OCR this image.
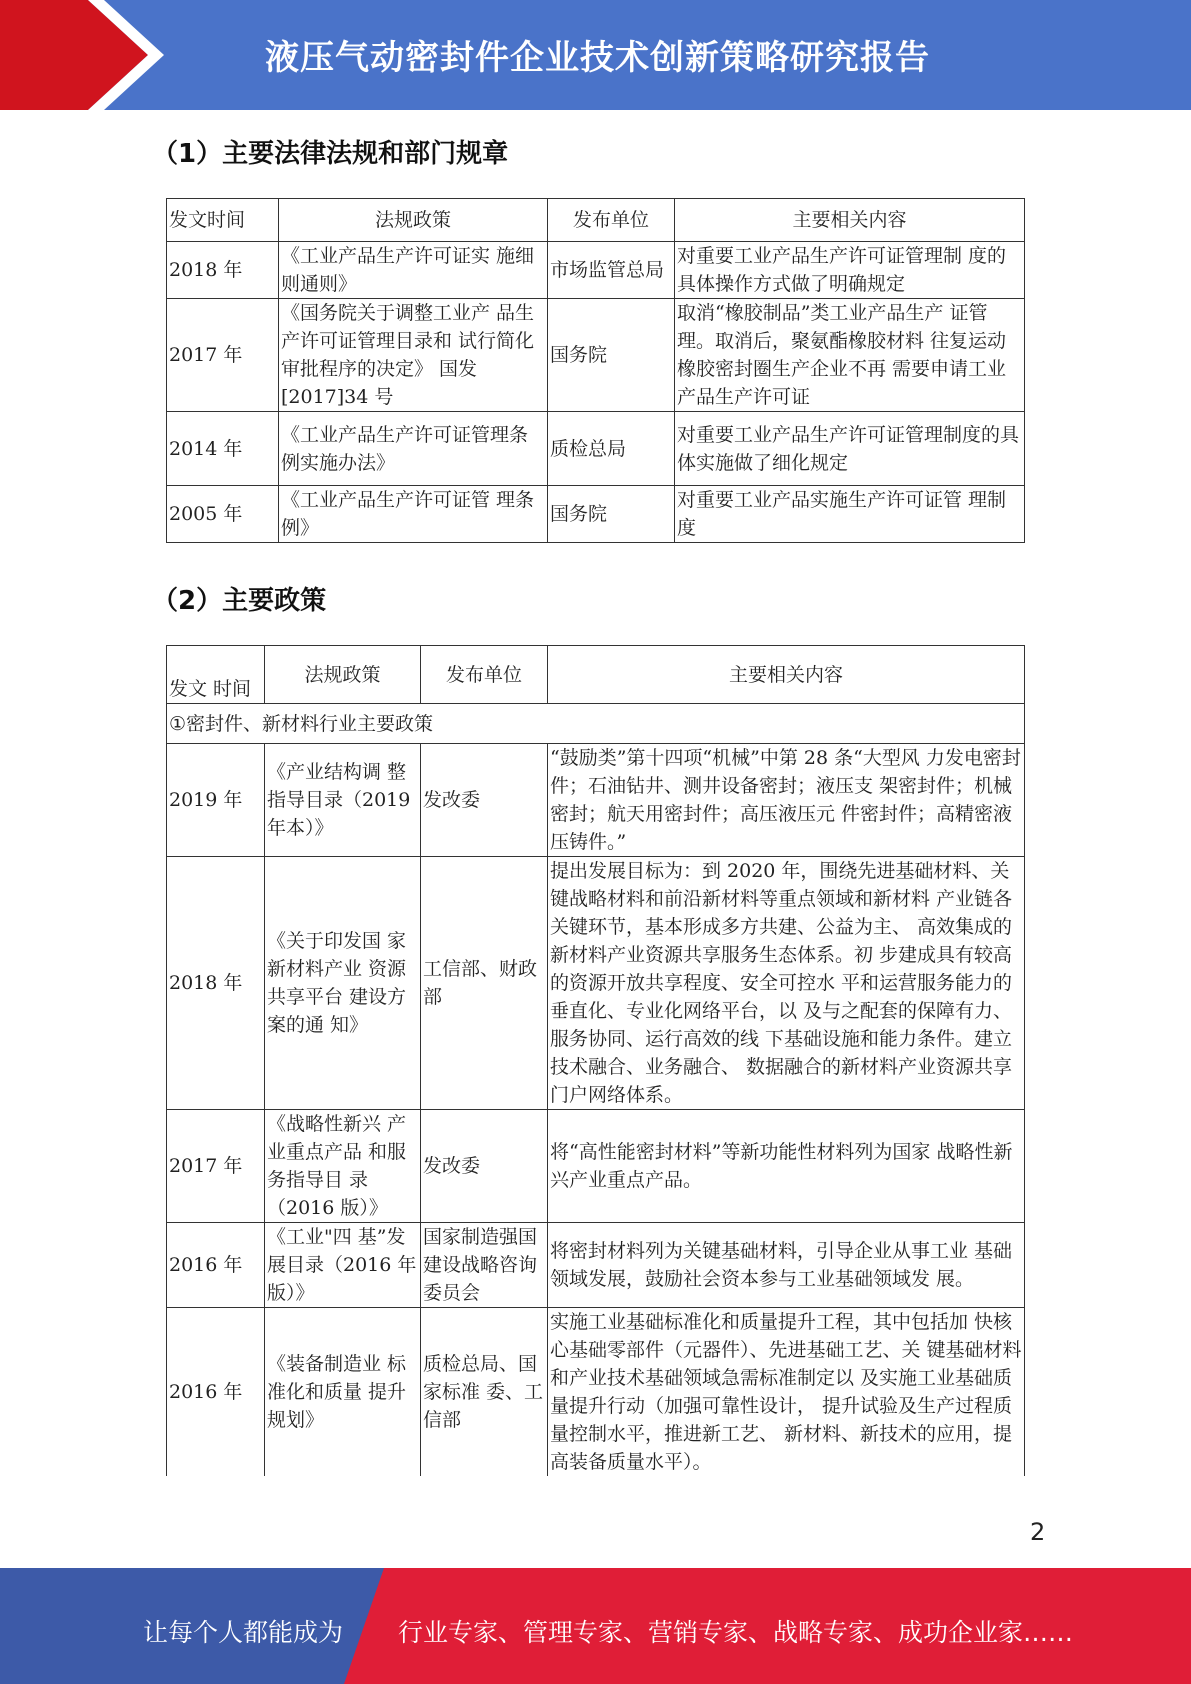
液压气动密封件企业技术创新策略研究报告
（1）主要法律法规和部门规章
发文时间	法规政策	发布单位	主要相关内容
2018 年	《工业产品生产许可证实 施细则通则》	市场监管总局	对重要工业产品生产许可证管理制 度的具体操作方式做了明确规定
2017 年	《国务院关于调整工业产 品生产许可证管理目录和 试行简化审批程序的决定》 国发[2017]34 号	国务院	取消“橡胶制品”类工业产品生产 证管理。取消后，聚氨酯橡胶材料 往复运动橡胶密封圈生产企业不再 需要申请工业产品生产许可证
2014 年	《工业产品生产许可证管理条例实施办法》	质检总局	对重要工业产品生产许可证管理制度的具体实施做了细化规定
2005 年	《工业产品生产许可证管 理条例》	国务院	对重要工业产品实施生产许可证管 理制度
（2）主要政策
发文 时间	法规政策	发布单位	主要相关内容
①密封件、新材料行业主要政策			
2019 年	《产业结构调 整指导目录（2019 年本）》	发改委	“鼓励类”第十四项“机械”中第 28 条“大型风 力发电密封件；石油钻井、测井设备密封；液压支 架密封件；机械密封；航天用密封件；高压液压元 件密封件；高精密液压铸件。”
2018 年	《关于印发国 家新材料产业 资源共享平台 建设方案的通 知》	工信部、财政部	提出发展目标为：到 2020 年，围绕先进基础材料、关键战略材料和前沿新材料等重点领域和新材料 产业链各关键环节，基本形成多方共建、公益为主、 高效集成的新材料产业资源共享服务生态体系。初 步建成具有较高的资源开放共享程度、安全可控水 平和运营服务能力的垂直化、专业化网络平台，以 及与之配套的保障有力、服务协同、运行高效的线 下基础设施和能力条件。建立技术融合、业务融合、 数据融合的新材料产业资源共享门户网络体系。
2017 年	《战略性新兴 产业重点产品 和服务指导目 录（2016 版）》	发改委	将“高性能密封材料”等新功能性材料列为国家 战略性新兴产业重点产品。
2016 年	《工业"四 基”发展目录（2016 年版）》	国家制造强国建设战略咨询委员会	将密封材料列为关键基础材料，引导企业从事工业 基础领域发展，鼓励社会资本参与工业基础领域发 展。
2016 年	《装备制造业 标准化和质量 提升规划》	质检总局、国家标准 委、工信部	实施工业基础标准化和质量提升工程，其中包括加 快核心基础零部件（元器件）、先进基础工艺、关 键基础材料和产业技术基础领域急需标准制定以 及实施工业基础质量提升行动（加强可靠性设计， 提升试验及生产过程质量控制水平，推进新工艺、 新材料、新技术的应用，提高装备质量水平）。
2
让每个人都能成为 行业专家、管理专家、营销专家、战略专家、成功企业家……
